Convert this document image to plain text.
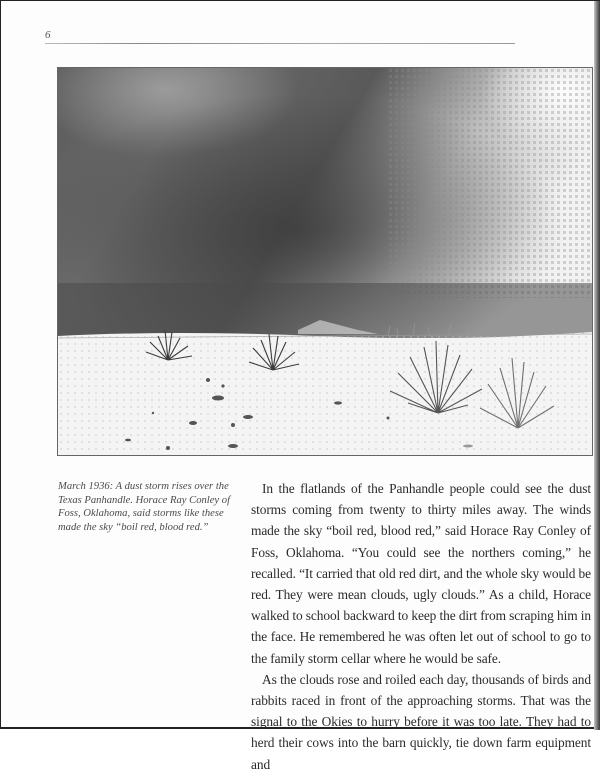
6
March 1936: A dust storm rises over the Texas Panhandle. Horace Ray Conley of Foss, Oklahoma, said storms like these made the sky “boil red, blood red.”

In the flatlands of the Panhandle people could see the dust storms coming from twenty to thirty miles away. The winds made the sky “boil red, blood red,” said Horace Ray Conley of Foss, Oklahoma. “You could see the northers coming,” he recalled. “It carried that old red dirt, and the whole sky would be red. They were mean clouds, ugly clouds.” As a child, Horace walked to school backward to keep the dirt from scraping him in the face. He remembered he was often let out of school to go to the family storm cellar where he would be safe.

As the clouds rose and roiled each day, thousands of birds and rabbits raced in front of the approaching storms. That was the signal to the Okies to hurry before it was too late. They had to herd their cows into the barn quickly, tie down farm equipment and
